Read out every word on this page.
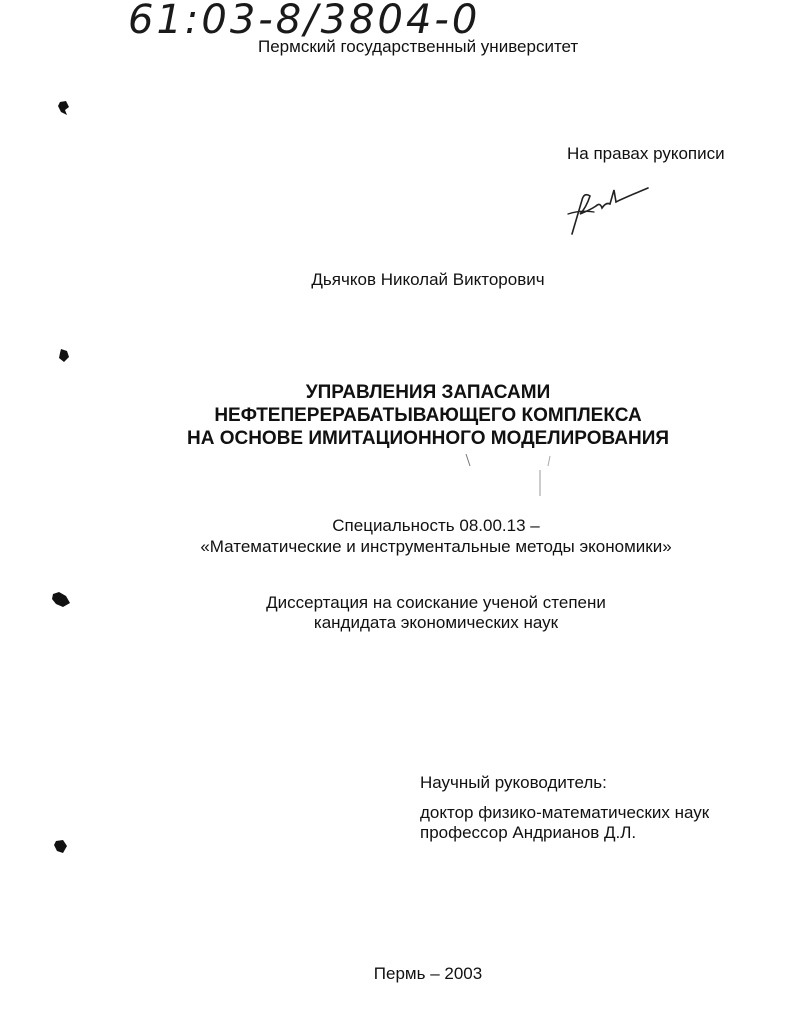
61:03-8/3804-0
Пермский государственный университет
На правах рукописи
Дьячков Николай Викторович
УПРАВЛЕНИЯ ЗАПАСАМИ
НЕФТЕПЕРЕРАБАТЫВАЮЩЕГО КОМПЛЕКСА
НА ОСНОВЕ ИМИТАЦИОННОГО МОДЕЛИРОВАНИЯ
Специальность 08.00.13 –
«Математические и инструментальные методы экономики»
Диссертация на соискание ученой степени
кандидата экономических наук
Научный руководитель:
доктор физико-математических наук
профессор Андрианов Д.Л.
Пермь – 2003
